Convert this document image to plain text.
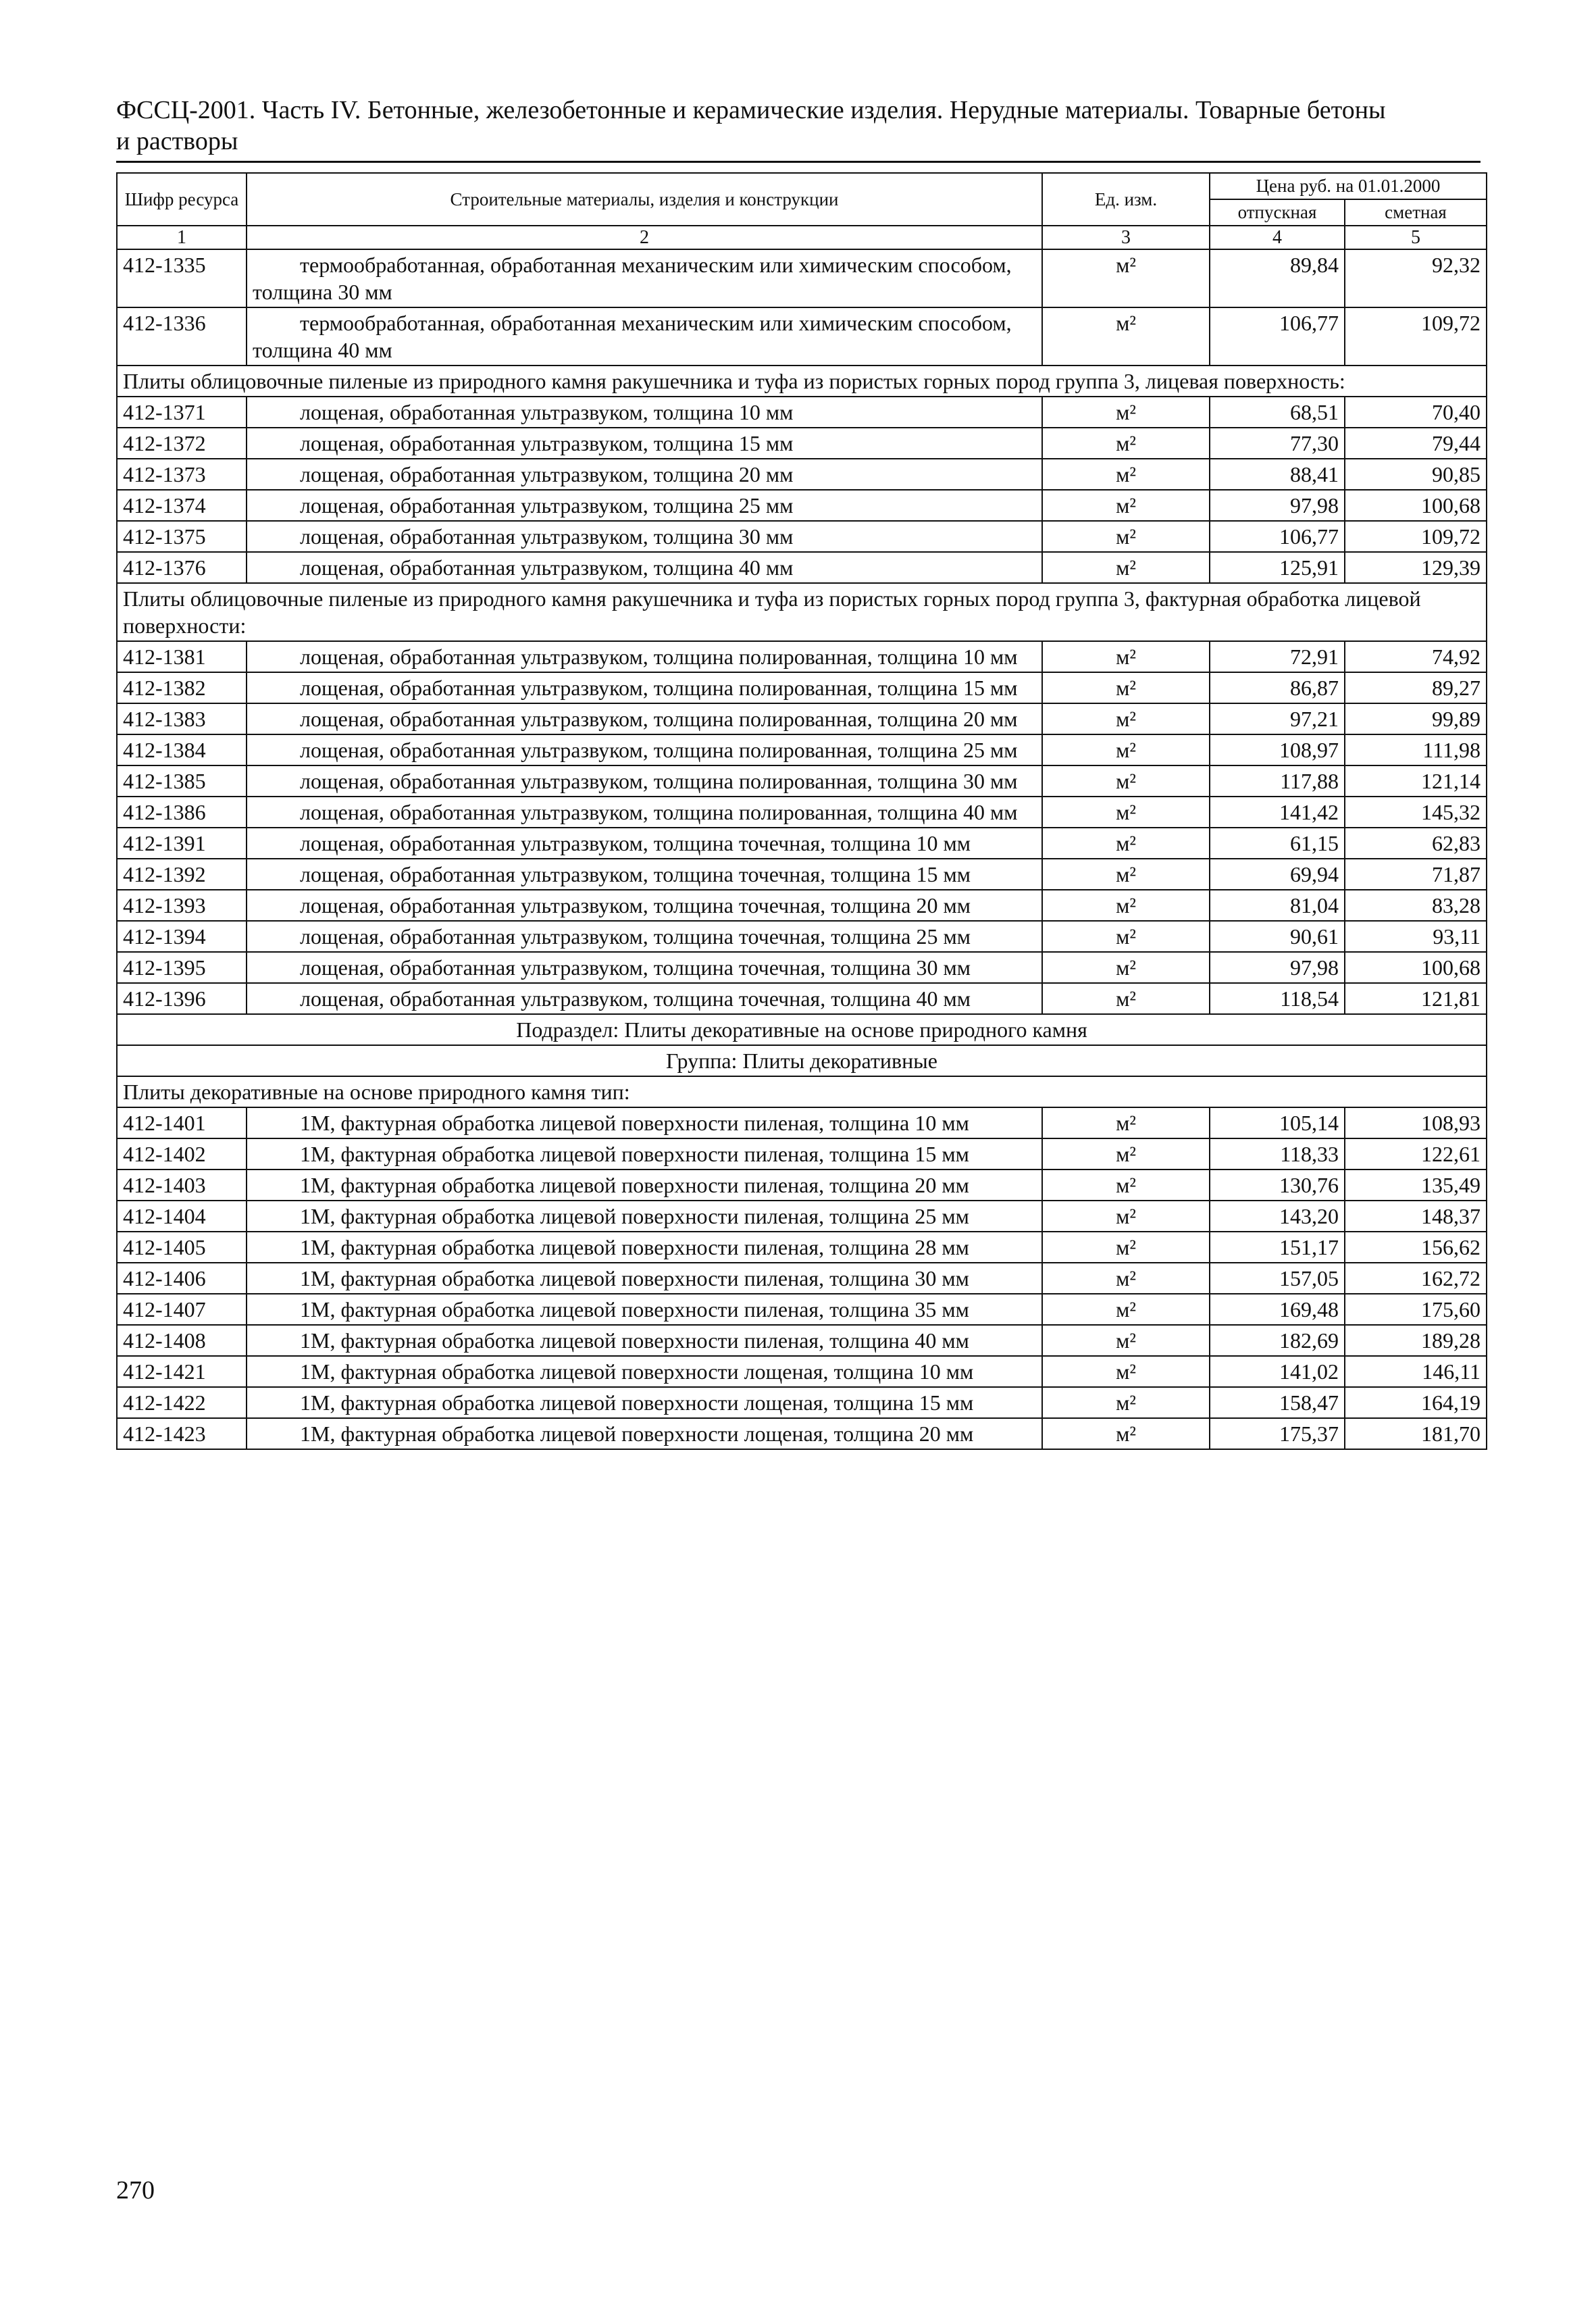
ФССЦ-2001. Часть IV. Бетонные, железобетонные и керамические изделия. Нерудные материалы. Товарные бетоны
и растворы
Шифр ресурса	Строительные материалы, изделия и конструкции	Ед. изм.	Цена руб. на 01.01.2000	
			отпускная	сметная
1	2	3	4	5
412-1335	термообработанная, обработанная механическим или химическим способом, толщина 30 мм	м²	89,84	92,32
412-1336	термообработанная, обработанная механическим или химическим способом, толщина 40 мм	м²	106,77	109,72
Плиты облицовочные пиленые из природного камня ракушечника и туфа из пористых горных пород группа 3, лицевая поверхность:				
412-1371	лощеная, обработанная ультразвуком, толщина 10 мм	м²	68,51	70,40
412-1372	лощеная, обработанная ультразвуком, толщина 15 мм	м²	77,30	79,44
412-1373	лощеная, обработанная ультразвуком, толщина 20 мм	м²	88,41	90,85
412-1374	лощеная, обработанная ультразвуком, толщина 25 мм	м²	97,98	100,68
412-1375	лощеная, обработанная ультразвуком, толщина 30 мм	м²	106,77	109,72
412-1376	лощеная, обработанная ультразвуком, толщина 40 мм	м²	125,91	129,39
Плиты облицовочные пиленые из природного камня ракушечника и туфа из пористых горных пород группа 3, фактурная обработка лицевой поверхности:				
412-1381	лощеная, обработанная ультразвуком, толщина полированная, толщина 10 мм	м²	72,91	74,92
412-1382	лощеная, обработанная ультразвуком, толщина полированная, толщина 15 мм	м²	86,87	89,27
412-1383	лощеная, обработанная ультразвуком, толщина полированная, толщина 20 мм	м²	97,21	99,89
412-1384	лощеная, обработанная ультразвуком, толщина полированная, толщина 25 мм	м²	108,97	111,98
412-1385	лощеная, обработанная ультразвуком, толщина полированная, толщина 30 мм	м²	117,88	121,14
412-1386	лощеная, обработанная ультразвуком, толщина полированная, толщина 40 мм	м²	141,42	145,32
412-1391	лощеная, обработанная ультразвуком, толщина точечная, толщина 10 мм	м²	61,15	62,83
412-1392	лощеная, обработанная ультразвуком, толщина точечная, толщина 15 мм	м²	69,94	71,87
412-1393	лощеная, обработанная ультразвуком, толщина точечная, толщина 20 мм	м²	81,04	83,28
412-1394	лощеная, обработанная ультразвуком, толщина точечная, толщина 25 мм	м²	90,61	93,11
412-1395	лощеная, обработанная ультразвуком, толщина точечная, толщина 30 мм	м²	97,98	100,68
412-1396	лощеная, обработанная ультразвуком, толщина точечная, толщина 40 мм	м²	118,54	121,81
Подраздел: Плиты декоративные на основе природного камня				
Группа: Плиты декоративные				
Плиты декоративные на основе природного камня тип:				
412-1401	1М, фактурная обработка лицевой поверхности пиленая, толщина 10 мм	м²	105,14	108,93
412-1402	1М, фактурная обработка лицевой поверхности пиленая, толщина 15 мм	м²	118,33	122,61
412-1403	1М, фактурная обработка лицевой поверхности пиленая, толщина 20 мм	м²	130,76	135,49
412-1404	1М, фактурная обработка лицевой поверхности пиленая, толщина 25 мм	м²	143,20	148,37
412-1405	1М, фактурная обработка лицевой поверхности пиленая, толщина 28 мм	м²	151,17	156,62
412-1406	1М, фактурная обработка лицевой поверхности пиленая, толщина 30 мм	м²	157,05	162,72
412-1407	1М, фактурная обработка лицевой поверхности пиленая, толщина 35 мм	м²	169,48	175,60
412-1408	1М, фактурная обработка лицевой поверхности пиленая, толщина 40 мм	м²	182,69	189,28
412-1421	1М, фактурная обработка лицевой поверхности лощеная, толщина 10 мм	м²	141,02	146,11
412-1422	1М, фактурная обработка лицевой поверхности лощеная, толщина 15 мм	м²	158,47	164,19
412-1423	1М, фактурная обработка лицевой поверхности лощеная, толщина 20 мм	м²	175,37	181,70
270
